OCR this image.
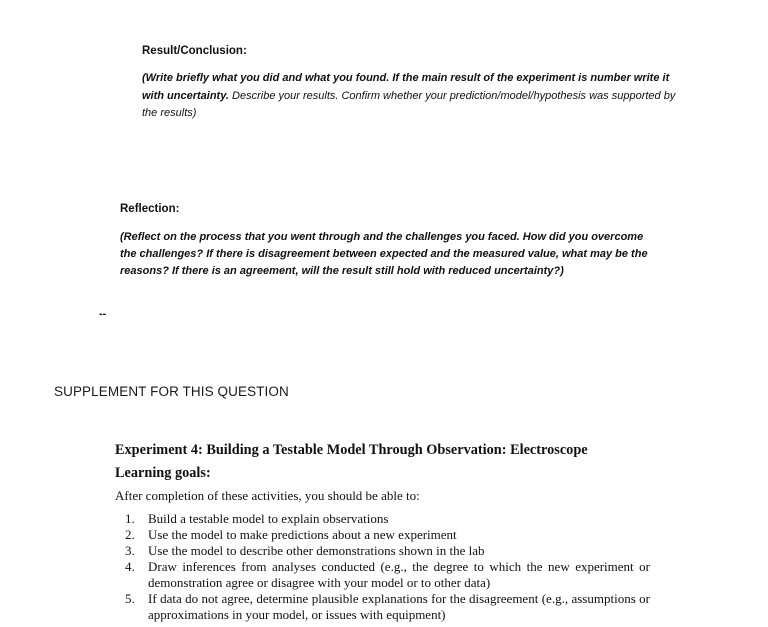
Result/Conclusion:
(Write briefly what you did and what you found. If the main result of the experiment is number write it with uncertainty. Describe your results. Confirm whether your prediction/model/hypothesis was supported by the results)
Reflection:
(Reflect on the process that you went through and the challenges you faced. How did you overcome the challenges? If there is disagreement between expected and the measured value, what may be the reasons? If there is an agreement, will the result still hold with reduced uncertainty?)
--
SUPPLEMENT FOR THIS QUESTION
Experiment 4: Building a Testable Model Through Observation: Electroscope
Learning goals:
After completion of these activities, you should be able to:
1.	Build a testable model to explain observations
2.	Use the model to make predictions about a new experiment
3.	Use the model to describe other demonstrations shown in the lab
4.	Draw inferences from analyses conducted (e.g., the degree to which the new experiment or demonstration agree or disagree with your model or to other data)
5.	If data do not agree, determine plausible explanations for the disagreement (e.g., assumptions or approximations in your model, or issues with equipment)
